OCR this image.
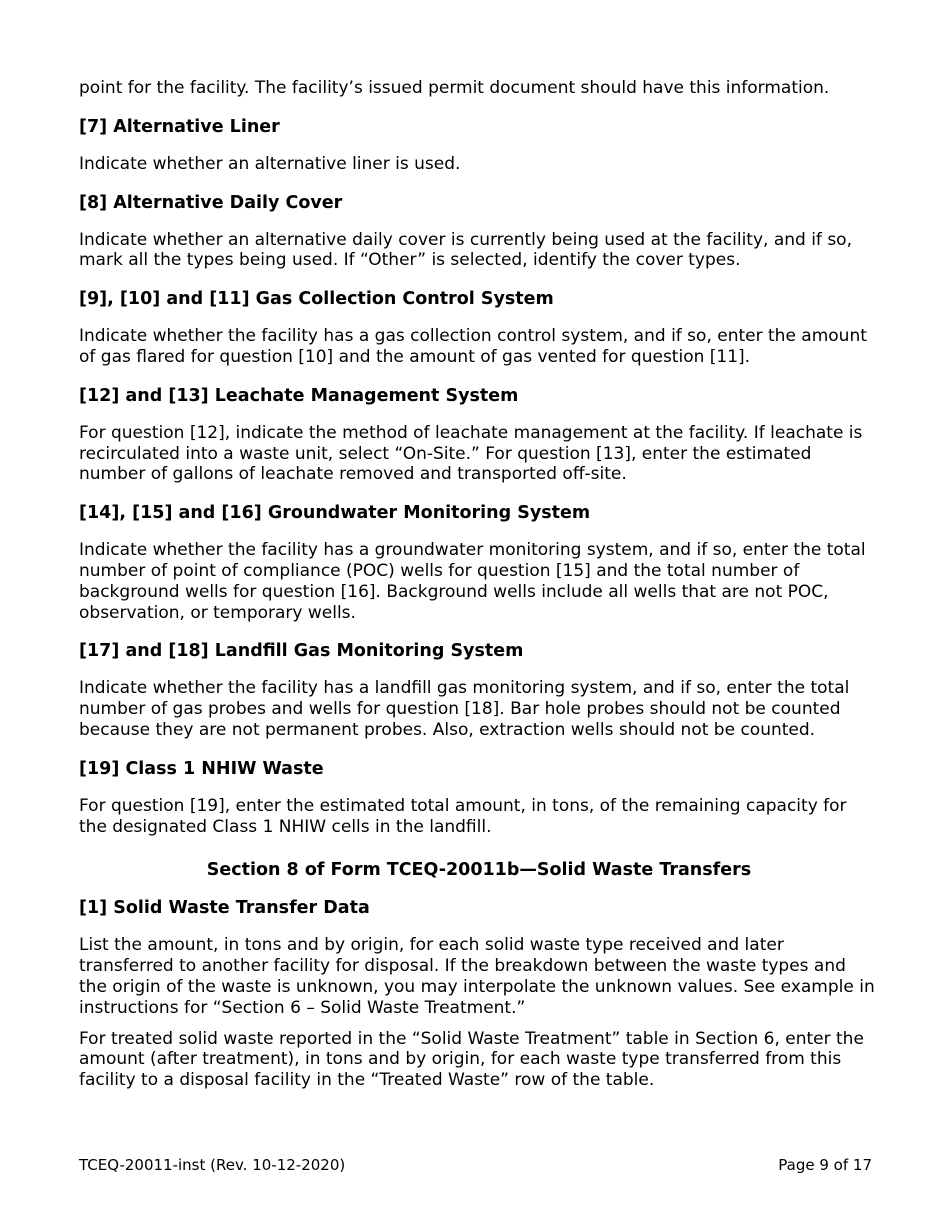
point for the facility. The facility’s issued permit document should have this information.

[7] Alternative Liner

Indicate whether an alternative liner is used.

[8] Alternative Daily Cover

Indicate whether an alternative daily cover is currently being used at the facility, and if so, mark all the types being used. If “Other” is selected, identify the cover types.

[9], [10] and [11] Gas Collection Control System

Indicate whether the facility has a gas collection control system, and if so, enter the amount of gas flared for question [10] and the amount of gas vented for question [11].

[12] and [13] Leachate Management System

For question [12], indicate the method of leachate management at the facility. If leachate is recirculated into a waste unit, select “On-Site.” For question [13], enter the estimated number of gallons of leachate removed and transported off-site.

[14], [15] and [16] Groundwater Monitoring System

Indicate whether the facility has a groundwater monitoring system, and if so, enter the total number of point of compliance (POC) wells for question [15] and the total number of background wells for question [16]. Background wells include all wells that are not POC, observation, or temporary wells.

[17] and [18] Landfill Gas Monitoring System

Indicate whether the facility has a landfill gas monitoring system, and if so, enter the total number of gas probes and wells for question [18]. Bar hole probes should not be counted because they are not permanent probes. Also, extraction wells should not be counted.

[19] Class 1 NHIW Waste

For question [19], enter the estimated total amount, in tons, of the remaining capacity for the designated Class 1 NHIW cells in the landfill.

Section 8 of Form TCEQ-20011b—Solid Waste Transfers
[1] Solid Waste Transfer Data

List the amount, in tons and by origin, for each solid waste type received and later transferred to another facility for disposal. If the breakdown between the waste types and the origin of the waste is unknown, you may interpolate the unknown values. See example in instructions for “Section 6 – Solid Waste Treatment.”

For treated solid waste reported in the “Solid Waste Treatment” table in Section 6, enter the amount (after treatment), in tons and by origin, for each waste type transferred from this facility to a disposal facility in the “Treated Waste” row of the table.

TCEQ-20011-inst (Rev. 10-12-2020)	Page 9 of 17
